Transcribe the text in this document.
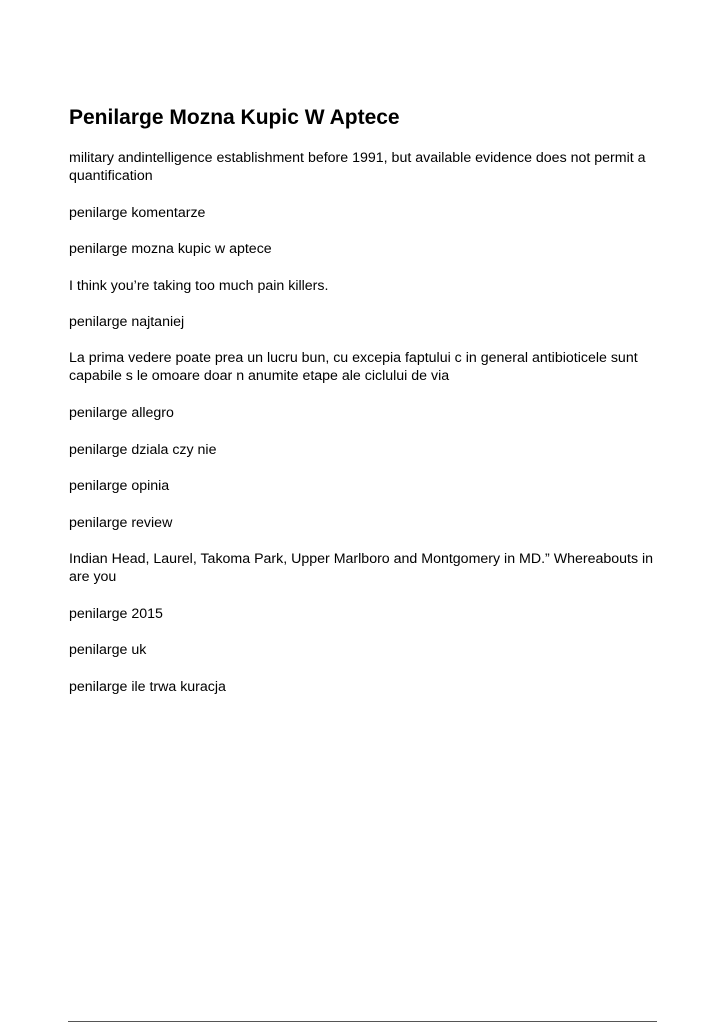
Penilarge Mozna Kupic W Aptece

military andintelligence establishment before 1991, but available evidence does not permit a quantification

penilarge komentarze

penilarge mozna kupic w aptece

I think you’re taking too much pain killers.

penilarge najtaniej

La prima vedere poate prea un lucru bun, cu excepia faptului c in general antibioticele sunt capabile s le omoare doar n anumite etape ale ciclului de via

penilarge allegro

penilarge dziala czy nie

penilarge opinia

penilarge review

Indian Head, Laurel, Takoma Park, Upper Marlboro and Montgomery in MD.” Whereabouts in are you

penilarge 2015

penilarge uk

penilarge ile trwa kuracja
